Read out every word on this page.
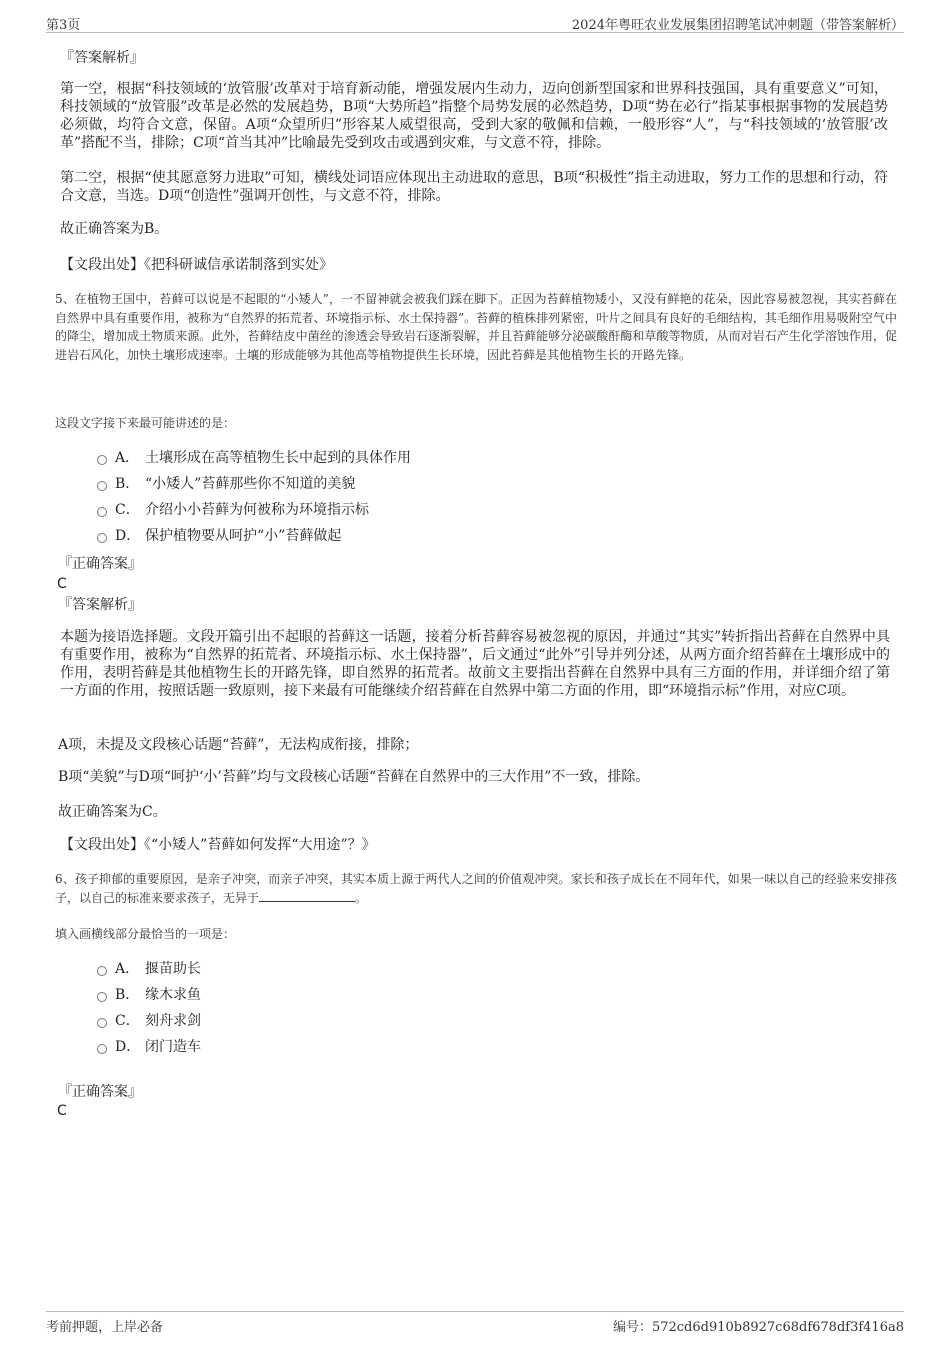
第3页	2024年粤旺农业发展集团招聘笔试冲刺题（带答案解析）
『答案解析』
第一空，根据“科技领域的‘放管服’改革对于培育新动能，增强发展内生动力，迈向创新型国家和世界科技强国，具有重要意义”可知，科技领域的“放管服”改革是必然的发展趋势，B项“大势所趋”指整个局势发展的必然趋势，D项“势在必行”指某事根据事物的发展趋势必须做，均符合文意，保留。A项“众望所归”形容某人威望很高，受到大家的敬佩和信赖，一般形容“人”，与“科技领域的‘放管服’改革”搭配不当，排除；C项“首当其冲”比喻最先受到攻击或遇到灾难，与文意不符，排除。
第二空，根据“使其愿意努力进取”可知，横线处词语应体现出主动进取的意思，B项“积极性”指主动进取，努力工作的思想和行动，符合文意，当选。D项“创造性”强调开创性，与文意不符，排除。
故正确答案为B。
【文段出处】《把科研诚信承诺制落到实处》
5、在植物王国中，苔藓可以说是不起眼的“小矮人”，一不留神就会被我们踩在脚下。正因为苔藓植物矮小，又没有鲜艳的花朵，因此容易被忽视，其实苔藓在自然界中具有重要作用，被称为“自然界的拓荒者、环境指示标、水土保持器”。苔藓的植株排列紧密，叶片之间具有良好的毛细结构，其毛细作用易吸附空气中的降尘，增加成土物质来源。此外，苔藓结皮中菌丝的渗透会导致岩石逐渐裂解，并且苔藓能够分泌碳酸酐酶和草酸等物质，从而对岩石产生化学溶蚀作用，促进岩石风化，加快土壤形成速率。土壤的形成能够为其他高等植物提供生长环境，因此苔藓是其他植物生长的开路先锋。
这段文字接下来最可能讲述的是：
A． 土壤形成在高等植物生长中起到的具体作用
B． “小矮人”苔藓那些你不知道的美貌
C． 介绍小小苔藓为何被称为环境指示标
D． 保护植物要从呵护“小”苔藓做起
『正确答案』
C
『答案解析』
本题为接语选择题。文段开篇引出不起眼的苔藓这一话题，接着分析苔藓容易被忽视的原因，并通过“其实”转折指出苔藓在自然界中具有重要作用，被称为“自然界的拓荒者、环境指示标、水土保持器”，后文通过“此外”引导并列分述，从两方面介绍苔藓在土壤形成中的作用，表明苔藓是其他植物生长的开路先锋，即自然界的拓荒者。故前文主要指出苔藓在自然界中具有三方面的作用，并详细介绍了第一方面的作用，按照话题一致原则，接下来最有可能继续介绍苔藓在自然界中第二方面的作用，即“环境指示标”作用，对应C项。
A项，未提及文段核心话题“苔藓”，无法构成衔接，排除；
B项“美貌”与D项“呵护‘小’苔藓”均与文段核心话题“苔藓在自然界中的三大作用”不一致，排除。
故正确答案为C。
【文段出处】《“小矮人”苔藓如何发挥“大用途”？》
6、孩子抑郁的重要原因，是亲子冲突，而亲子冲突，其实本质上源于两代人之间的价值观冲突。家长和孩子成长在不同年代，如果一味以自己的经验来安排孩子，以自己的标准来要求孩子，无异于	。
填入画横线部分最恰当的一项是：
A． 揠苗助长
B． 缘木求鱼
C． 刻舟求剑
D． 闭门造车
『正确答案』
C
考前押题，上岸必备	编号：572cd6d910b8927c68df678df3f416a8
